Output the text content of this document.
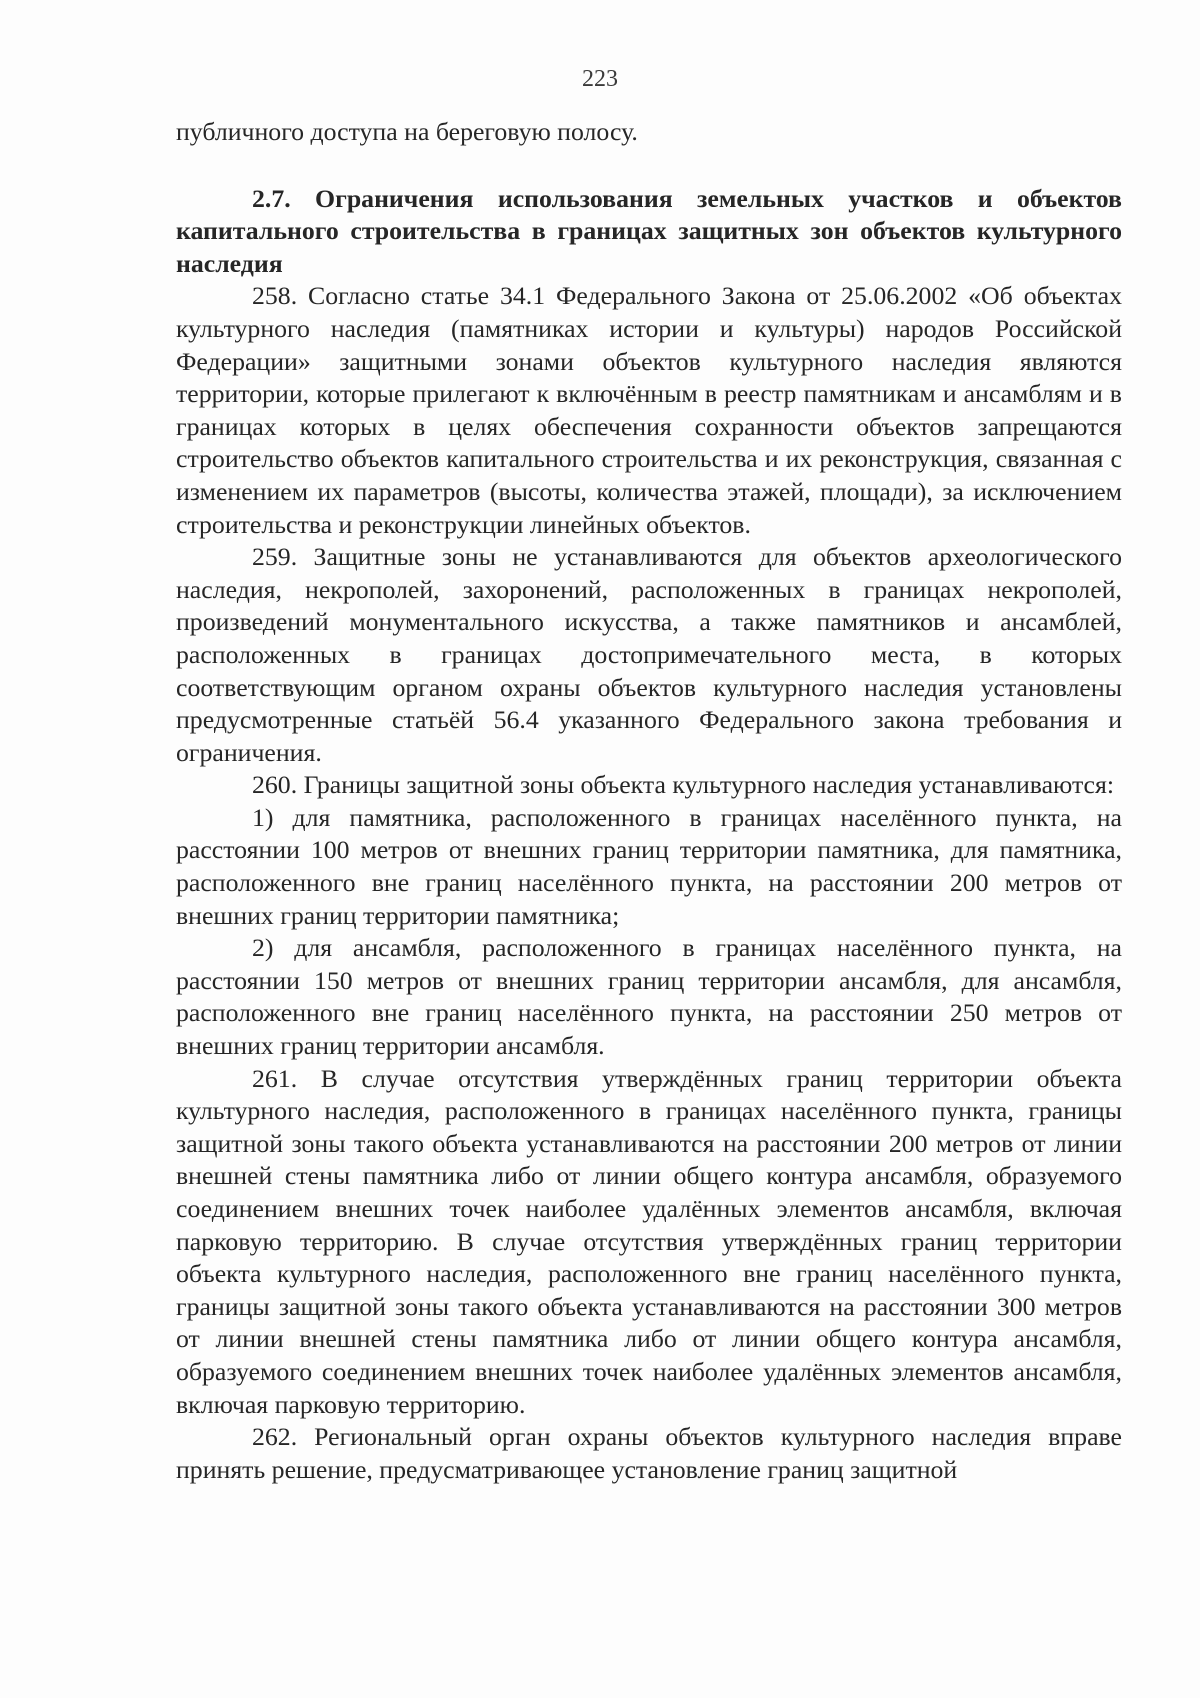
223

публичного доступа на береговую полосу.

2.7. Ограничения использования земельных участков и объектов капитального строительства в границах защитных зон объектов культурного наследия

258. Согласно статье 34.1 Федерального Закона от 25.06.2002 «Об объектах культурного наследия (памятниках истории и культуры) народов Российской Федерации» защитными зонами объектов культурного наследия являются территории, которые прилегают к включённым в реестр памятникам и ансамблям и в границах которых в целях обеспечения сохранности объектов запрещаются строительство объектов капитального строительства и их реконструкция, связанная с изменением их параметров (высоты, количества этажей, площади), за исключением строительства и реконструкции линейных объектов.

259. Защитные зоны не устанавливаются для объектов археологического наследия, некрополей, захоронений, расположенных в границах некрополей, произведений монументального искусства, а также памятников и ансамблей, расположенных в границах достопримечательного места, в которых соответствующим органом охраны объектов культурного наследия установлены предусмотренные статьёй 56.4 указанного Федерального закона требования и ограничения.

260. Границы защитной зоны объекта культурного наследия устанавливаются:

1) для памятника, расположенного в границах населённого пункта, на расстоянии 100 метров от внешних границ территории памятника, для памятника, расположенного вне границ населённого пункта, на расстоянии 200 метров от внешних границ территории памятника;

2) для ансамбля, расположенного в границах населённого пункта, на расстоянии 150 метров от внешних границ территории ансамбля, для ансамбля, расположенного вне границ населённого пункта, на расстоянии 250 метров от внешних границ территории ансамбля.

261. В случае отсутствия утверждённых границ территории объекта культурного наследия, расположенного в границах населённого пункта, границы защитной зоны такого объекта устанавливаются на расстоянии 200 метров от линии внешней стены памятника либо от линии общего контура ансамбля, образуемого соединением внешних точек наиболее удалённых элементов ансамбля, включая парковую территорию. В случае отсутствия утверждённых границ территории объекта культурного наследия, расположенного вне границ населённого пункта, границы защитной зоны такого объекта устанавливаются на расстоянии 300 метров от линии внешней стены памятника либо от линии общего контура ансамбля, образуемого соединением внешних точек наиболее удалённых элементов ансамбля, включая парковую территорию.

262. Региональный орган охраны объектов культурного наследия вправе принять решение, предусматривающее установление границ защитной
